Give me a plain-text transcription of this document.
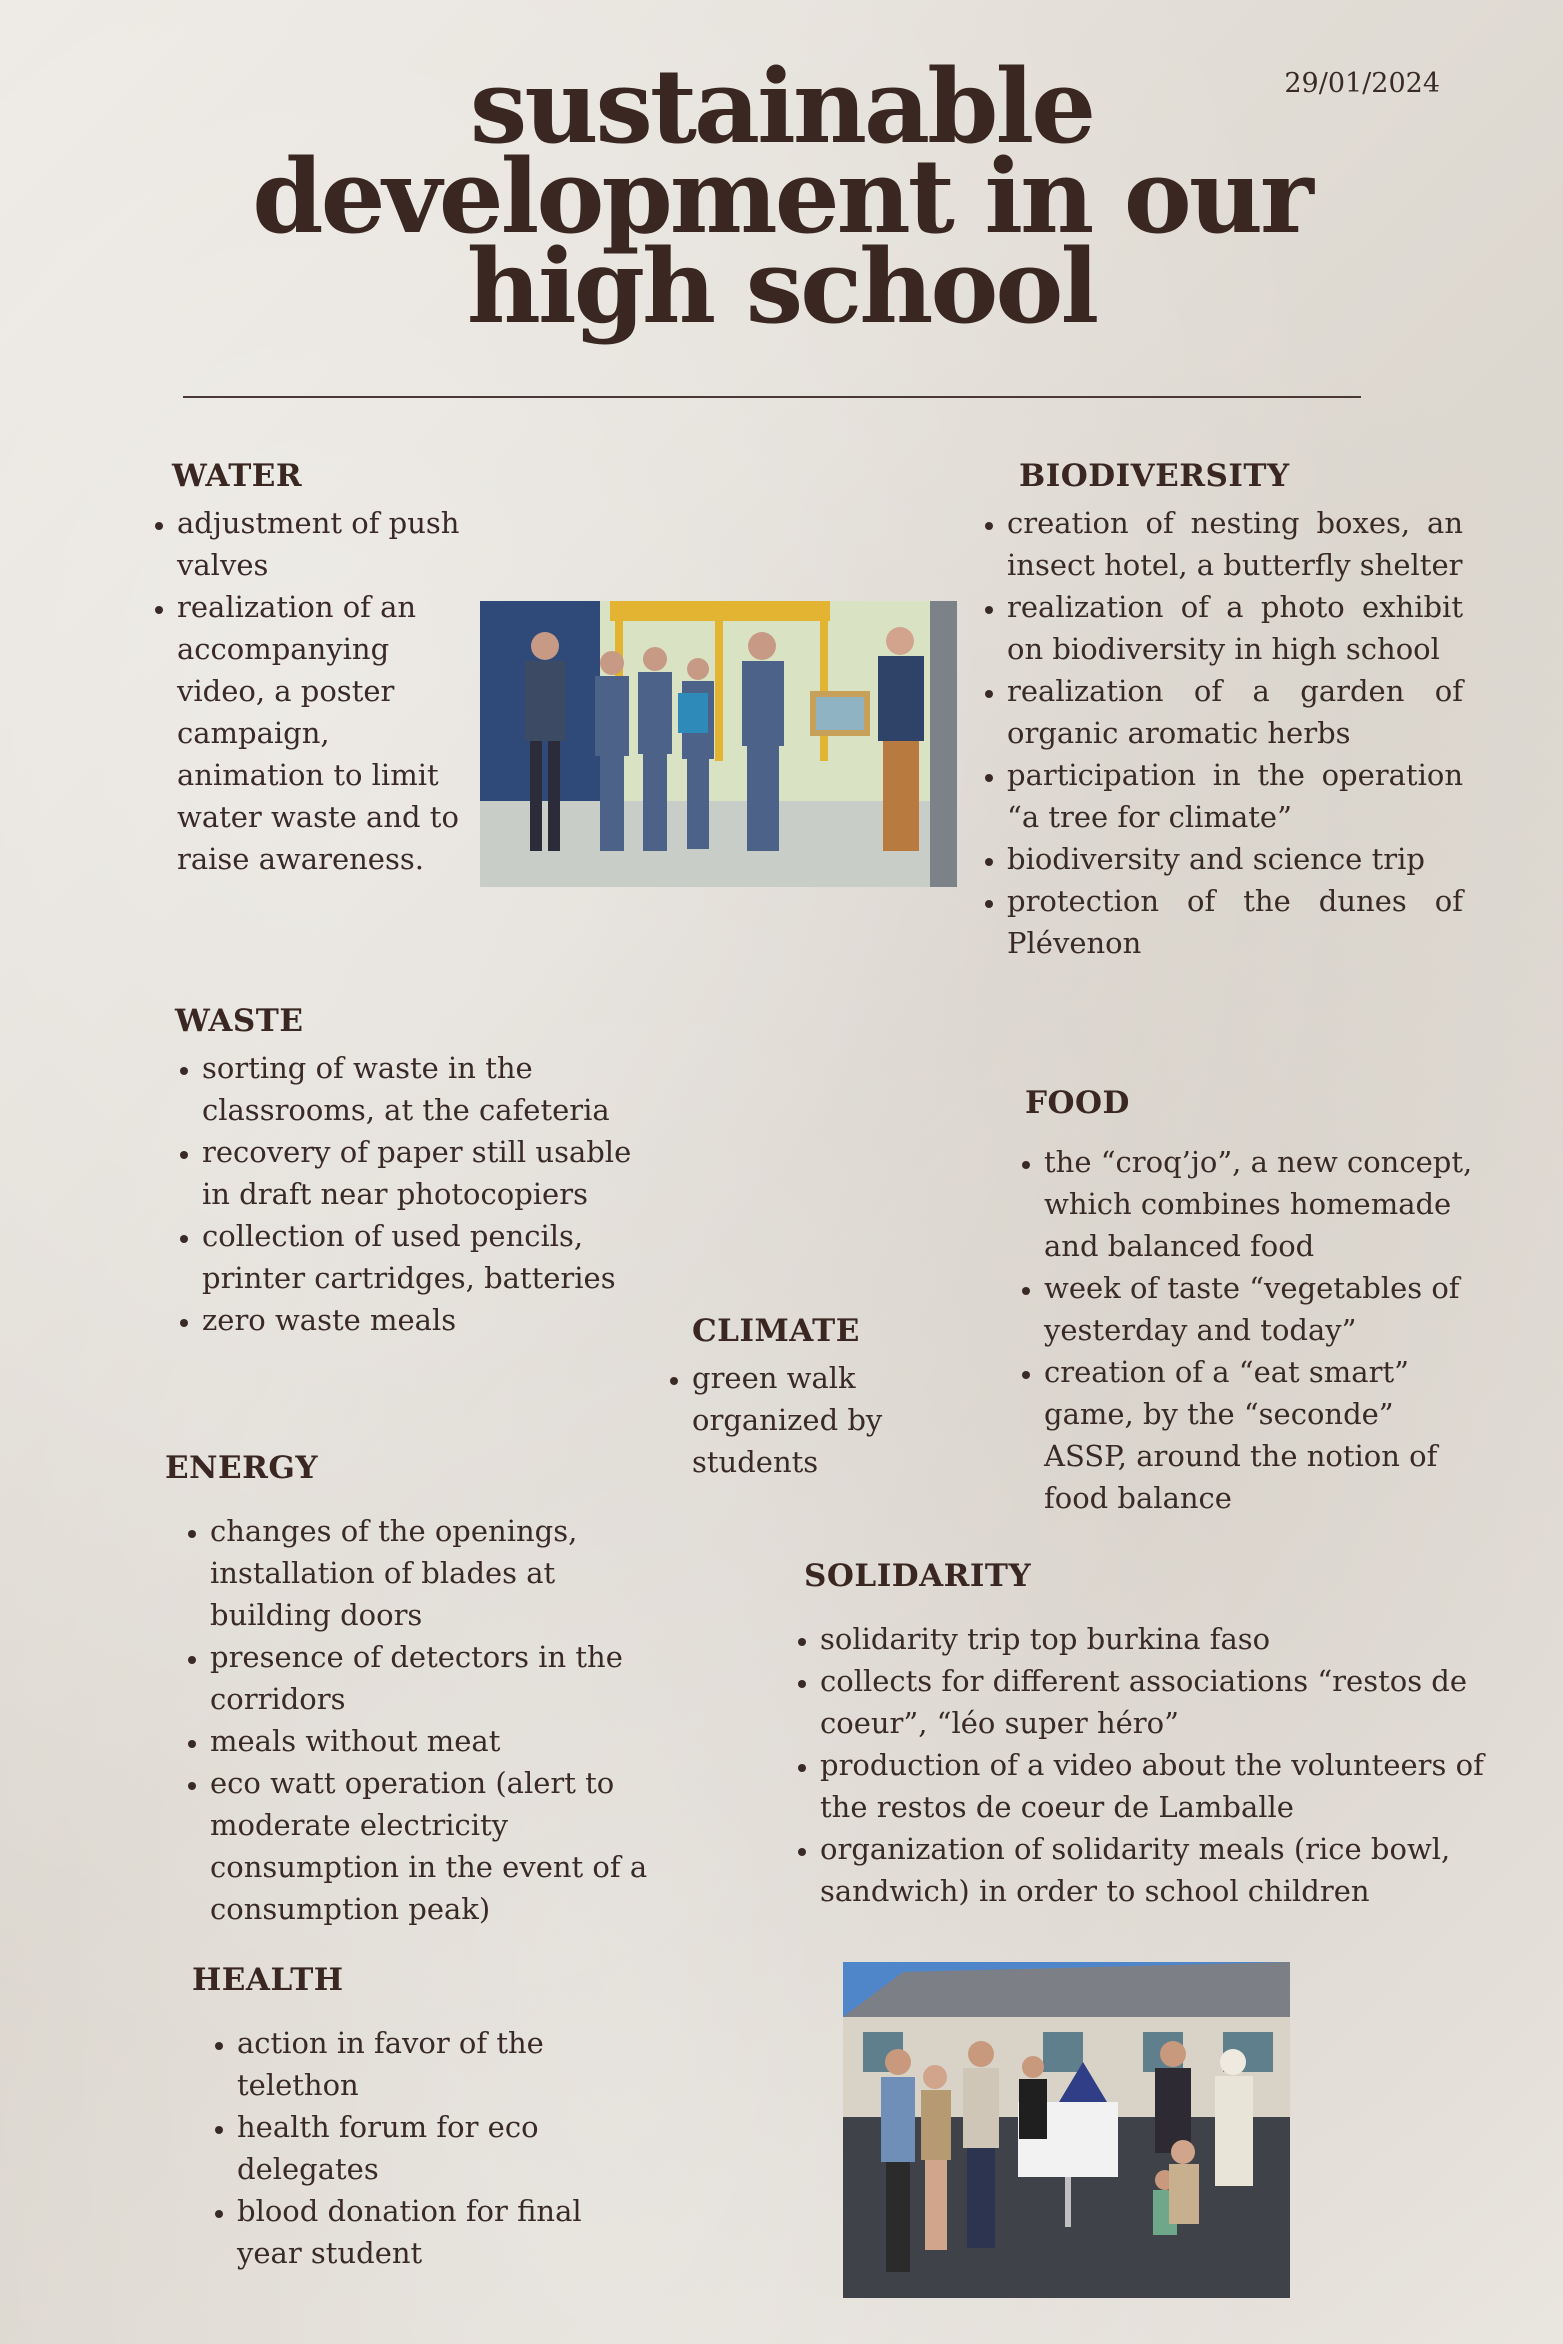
29/01/2024
sustainable
development in our
high school
WATER
• adjustment of push valves
• realization of an accompanying video, a poster campaign, animation to limit water waste and to raise awareness.
BIODIVERSITY
• creation of nesting boxes, an insect hotel, a butterfly shelter
• realization of a photo exhibit on biodiversity in high school
• realization of a garden of organic aromatic herbs
• participation in the operation “a tree for climate”
• biodiversity and science trip
• protection of the dunes of Plévenon
WASTE
• sorting of waste in the classrooms, at the cafeteria
• recovery of paper still usable in draft near photocopiers
• collection of used pencils, printer cartridges, batteries
• zero waste meals
FOOD
• the “croq’jo”, a new concept, which combines homemade and balanced food
• week of taste “vegetables of yesterday and today”
• creation of a “eat smart” game, by the “seconde” ASSP, around the notion of food balance
CLIMATE
• green walk organized by students
ENERGY
• changes of the openings, installation of blades at building doors
• presence of detectors in the corridors
• meals without meat
• eco watt operation (alert to moderate electricity consumption in the event of a consumption peak)
SOLIDARITY
• solidarity trip top burkina faso
• collects for different associations “restos de coeur”, “léo super héro”
• production of a video about the volunteers of the restos de coeur de Lamballe
• organization of solidarity meals (rice bowl, sandwich) in order to school children
HEALTH
• action in favor of the telethon
• health forum for eco delegates
• blood donation for final year student
